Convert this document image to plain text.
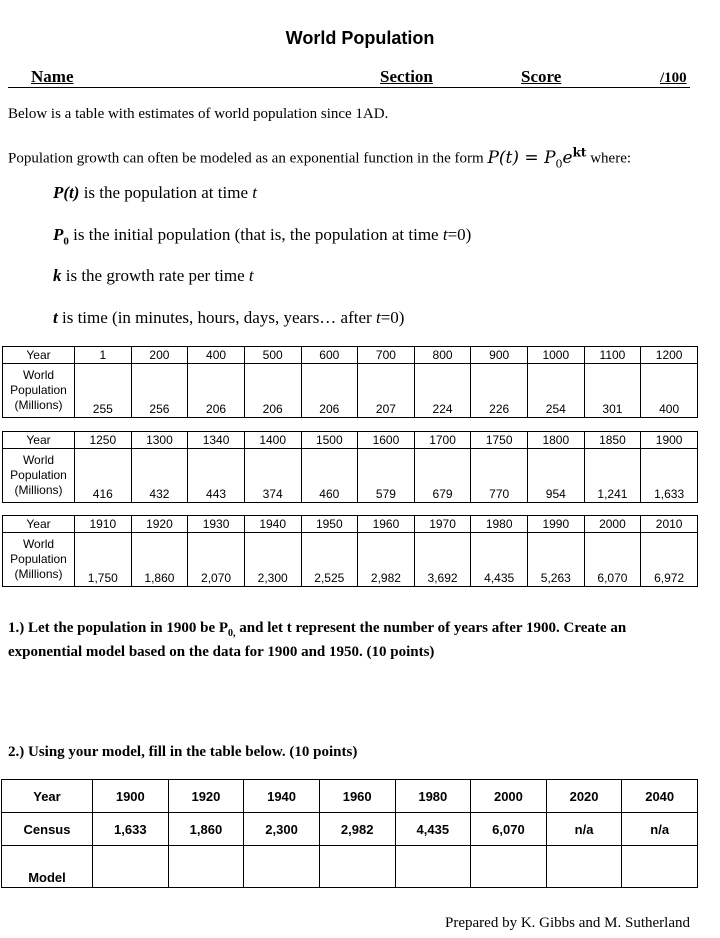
World Population
Name	Section	Score	/100
Below is a table with estimates of world population since 1AD.
Population growth can often be modeled as an exponential function in the form $P(t) = P_0e^{kt}$ where:
P(t) is the population at time t
$P_0$ is the initial population (that is, the population at time t=0)
k is the growth rate per time t
t is time (in minutes, hours, days, years… after t=0)
Year	1	200	400	500	600	700	800	900	1000	1100	1200

World
Population
(Millions)	255	256	206	206	206	207	224	226	254	301	400
Year	1250	1300	1340	1400	1500	1600	1700	1750	1800	1850	1900

World
Population
(Millions)	416	432	443	374	460	579	679	770	954	1,241	1,633
Year	1910	1920	1930	1940	1950	1960	1970	1980	1990	2000	2010

World
Population
(Millions)	1,750	1,860	2,070	2,300	2,525	2,982	3,692	4,435	5,263	6,070	6,972
1.) Let the population in 1900 be $P_{0,}$ and let t represent the number of years after 1900. Create an exponential model based on the data for 1900 and 1950. (10 points)
2.) Using your model, fill in the table below. (10 points)
Year	1900	1920	1940	1960	1980	2000	2020	2040
Census	1,633	1,860	2,300	2,982	4,435	6,070	n/a	n/a
Model								
Prepared by K. Gibbs and M. Sutherland
